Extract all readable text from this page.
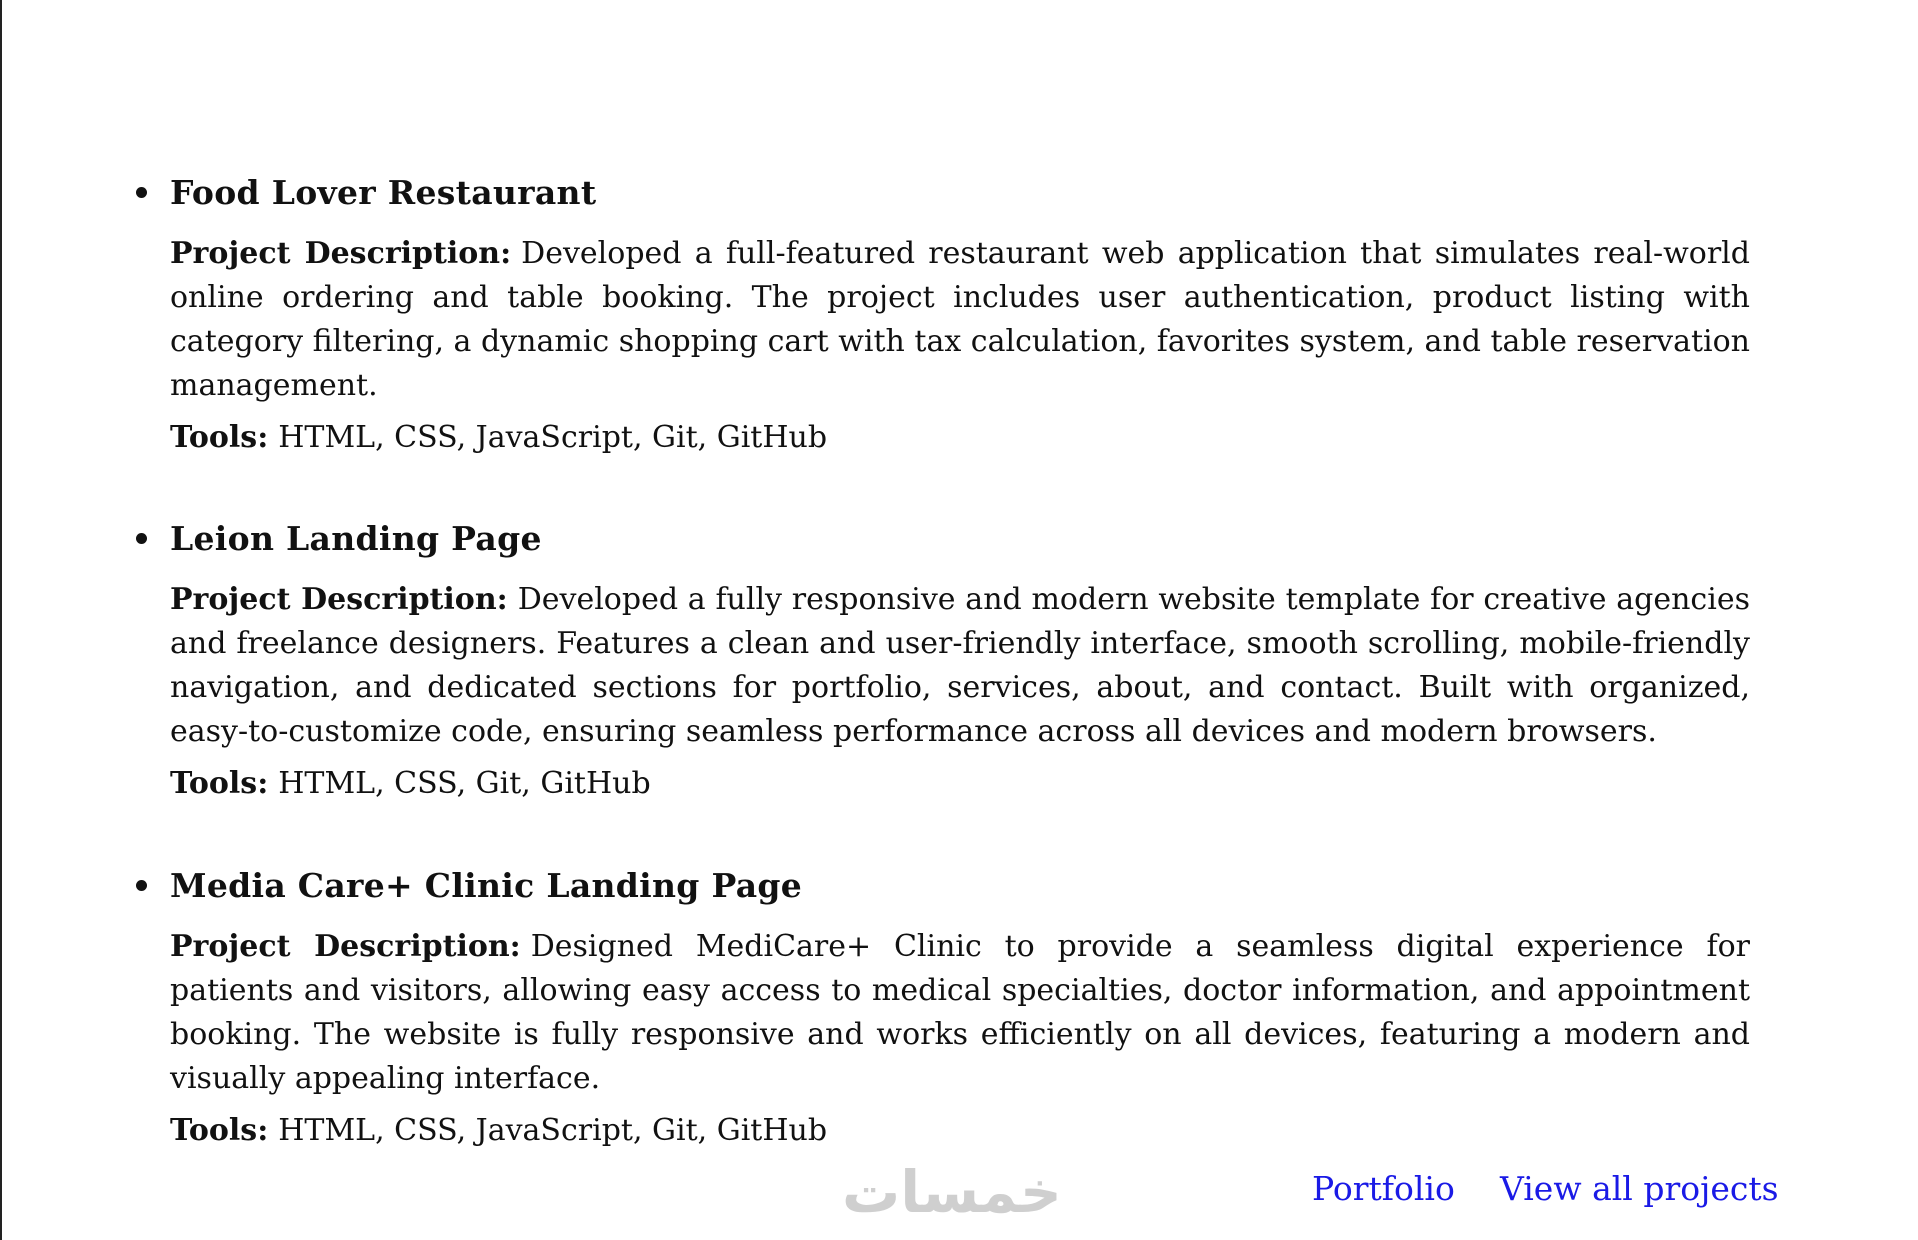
Food Lover Restaurant

Project Description: Developed a full-featured restaurant web application that simulates real-world online ordering and table booking. The project includes user authentication, product listing with category filtering, a dynamic shopping cart with tax calculation, favorites system, and table reservation management.

Tools: HTML, CSS, JavaScript, Git, GitHub

Leion Landing Page

Project Description: Developed a fully responsive and modern website template for creative agencies and freelance designers. Features a clean and user-friendly interface, smooth scrolling, mobile-friendly navigation, and dedicated sections for portfolio, services, about, and contact. Built with organized, easy-to-customize code, ensuring seamless performance across all devices and modern browsers.

Tools: HTML, CSS, Git, GitHub

Media Care+ Clinic Landing Page

Project Description: Designed MediCare+ Clinic to provide a seamless digital experience for patients and visitors, allowing easy access to medical specialties, doctor information, and appointment booking. The website is fully responsive and works efficiently on all devices, featuring a modern and visually appealing interface.

Tools: HTML, CSS, JavaScript, Git, GitHub

خمسات	Portfolio View all projects
